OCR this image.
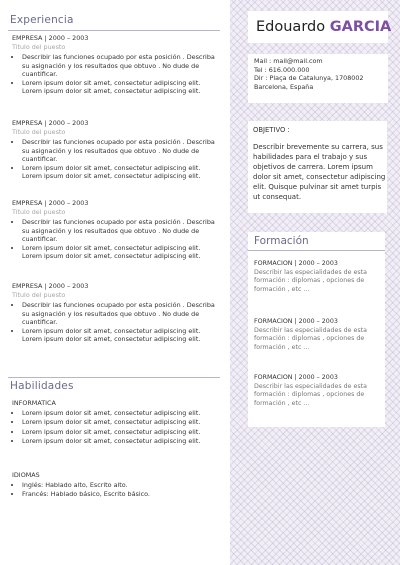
Experiencia
EMPRESA | 2000 – 2003
Titulo del puesto
• Describir las funciones ocupado por esta posición . Describa su asignación y los resultados que obtuvo . No dude de cuantificar.
• Lorem ipsum dolor sit amet, consectetur adipiscing elit. Lorem ipsum dolor sit amet, consectetur adipiscing elit.
EMPRESA | 2000 – 2003
Titulo del puesto
• Describir las funciones ocupado por esta posición . Describa su asignación y los resultados que obtuvo . No dude de cuantificar.
• Lorem ipsum dolor sit amet, consectetur adipiscing elit. Lorem ipsum dolor sit amet, consectetur adipiscing elit.
EMPRESA | 2000 – 2003
Titulo del puesto
• Describir las funciones ocupado por esta posición . Describa su asignación y los resultados que obtuvo . No dude de cuantificar.
• Lorem ipsum dolor sit amet, consectetur adipiscing elit. Lorem ipsum dolor sit amet, consectetur adipiscing elit.
EMPRESA | 2000 – 2003
Titulo del puesto
• Describir las funciones ocupado por esta posición . Describa su asignación y los resultados que obtuvo . No dude de cuantificar.
• Lorem ipsum dolor sit amet, consectetur adipiscing elit. Lorem ipsum dolor sit amet, consectetur adipiscing elit.
Habilidades
INFORMATICA
• Lorem ipsum dolor sit amet, consectetur adipiscing elit.
• Lorem ipsum dolor sit amet, consectetur adipiscing elit.
• Lorem ipsum dolor sit amet, consectetur adipiscing elit.
• Lorem ipsum dolor sit amet, consectetur adipiscing elit.
IDIOMAS
• Inglés: Hablado alto, Escrito alto.
• Francés: Hablado básico, Escrito básico.
Edouardo GARCIA
Mail : mail@mail.com
Tel : 616.000.000
Dir : Plaça de Catalunya, 1708002
Barcelona, España
OBJETIVO :
Describir brevemente su carrera, sus habilidades para el trabajo y sus objetivos de carrera. Lorem ipsum dolor sit amet, consectetur adipiscing elit. Quisque pulvinar sit amet turpis ut consequat.
Formación
FORMACION | 2000 – 2003
Describir las especialidades de esta formación : diplomas , opciones de formación , etc ...
FORMACION | 2000 – 2003
Describir las especialidades de esta formación : diplomas , opciones de formación , etc ...
FORMACION | 2000 – 2003
Describir las especialidades de esta formación : diplomas , opciones de formación , etc ...
